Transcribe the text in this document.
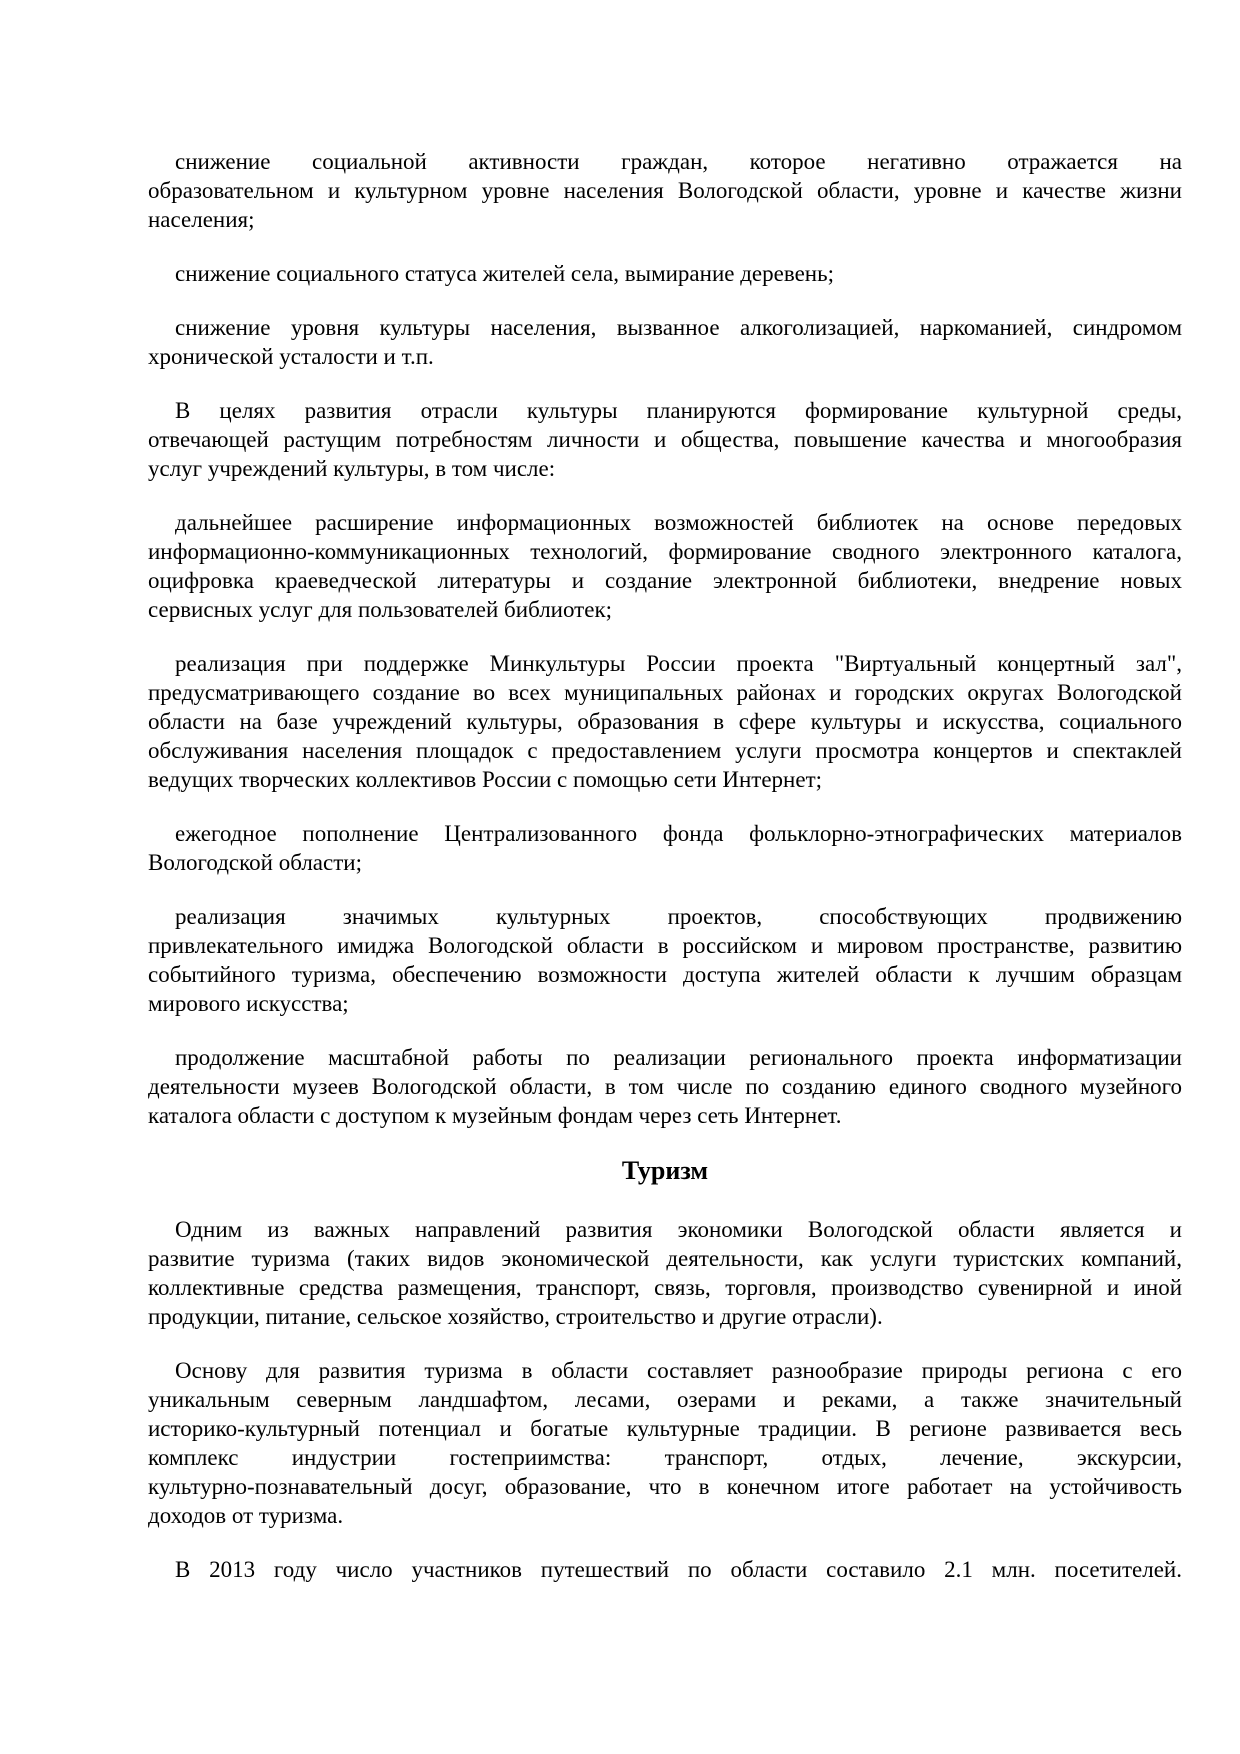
снижение социальной активности граждан, которое негативно отражается на
образовательном и культурном уровне населения Вологодской области, уровне и качестве жизни
населения;
снижение социального статуса жителей села, вымирание деревень;
снижение уровня культуры населения, вызванное алкоголизацией, наркоманией, синдромом
хронической усталости и т.п.
В целях развития отрасли культуры планируются формирование культурной среды,
отвечающей растущим потребностям личности и общества, повышение качества и многообразия
услуг учреждений культуры, в том числе:
дальнейшее расширение информационных возможностей библиотек на основе передовых
информационно-коммуникационных технологий, формирование сводного электронного каталога,
оцифровка краеведческой литературы и создание электронной библиотеки, внедрение новых
сервисных услуг для пользователей библиотек;
реализация при поддержке Минкультуры России проекта "Виртуальный концертный зал",
предусматривающего создание во всех муниципальных районах и городских округах Вологодской
области на базе учреждений культуры, образования в сфере культуры и искусства, социального
обслуживания населения площадок с предоставлением услуги просмотра концертов и спектаклей
ведущих творческих коллективов России с помощью сети Интернет;
ежегодное пополнение Централизованного фонда фольклорно-этнографических материалов
Вологодской области;
реализация значимых культурных проектов, способствующих продвижению
привлекательного имиджа Вологодской области в российском и мировом пространстве, развитию
событийного туризма, обеспечению возможности доступа жителей области к лучшим образцам
мирового искусства;
продолжение масштабной работы по реализации регионального проекта информатизации
деятельности музеев Вологодской области, в том числе по созданию единого сводного музейного
каталога области с доступом к музейным фондам через сеть Интернет.
Туризм
Одним из важных направлений развития экономики Вологодской области является и
развитие туризма (таких видов экономической деятельности, как услуги туристских компаний,
коллективные средства размещения, транспорт, связь, торговля, производство сувенирной и иной
продукции, питание, сельское хозяйство, строительство и другие отрасли).
Основу для развития туризма в области составляет разнообразие природы региона с его
уникальным северным ландшафтом, лесами, озерами и реками, а также значительный
историко-культурный потенциал и богатые культурные традиции. В регионе развивается весь
комплекс индустрии гостеприимства: транспорт, отдых, лечение, экскурсии,
культурно-познавательный досуг, образование, что в конечном итоге работает на устойчивость
доходов от туризма.
В 2013 году число участников путешествий по области составило 2.1 млн. посетителей.
